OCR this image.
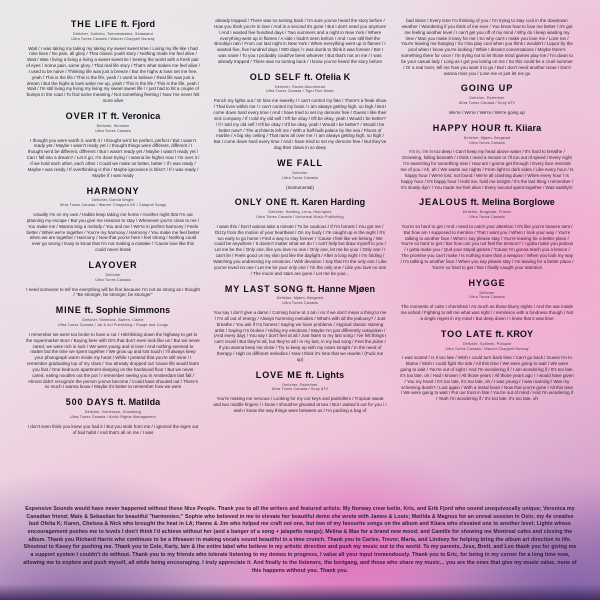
THE LIFE ft. Fjord
Deitcher, Solheim, Toennesbakke, Smaaland
Ultra Tunes Canada / Warner Chappell Norway
Wait / I was taking my taking my taking my sweet sweet time / Living my life like I had nine lives / No pain, all glory / That classic youth story / Nothing made me feel alive / Wait / Was I living a living a living a sweet sweet lie / Seeing the world with a fresh pair of eyes / Some pain, some glory / That real life story / That's what makes me feel alive / I used to be naive / Thinking life was just a breeze / But the highs & lows set me free, yeah / This is the life / This is the life, yeah / I used to believe / Real life was just a dream / But the highs & lows woke me up, yeah / This is the life / This is the life, yeah / Wait / I'm still living my living my living my sweet sweet life / I just had to hit a couple of bumps in the road / To find some meaning / Not something fleeting / Now I've never felt more alive
OVER IT ft. Veronica
Deitcher, Sinomen
Ultra Tunes Canada
I thought you were worth it, worth it / I thought we'd be perfect, perfect / But I wasn't ready yet / Maybe I wasn't ready yet / I thought things were different, different / I thought we'd be different, different / But I wasn't ready yet / Maybe I wasn't ready yet / Can I fall into a dream? / Let it go, I'm done trying / I wanna be higher now / I'm over it / If we hold each other, each other / Could we make us better, better / If I was ready / Maybe I was ready / If overthinking is this / Maybe ignorance is bliss? / If I was ready / Maybe if I was ready
HARMONY
Deitcher, Danita Wright
Ultra Tunes Canada / Warner Chappell UK / Catapult Songs
Usually I'm on my own / Habits keep taking me home / Another night that I'm out planning my escape / But you give me reasons to stay / Whenever you're close to me / You make me / Wanna sing a melody / You and me / We're in perfect harmony / Feels better / When we're together / You're my harmony / Harmony / You make me feel better when we are together / Harmony / Now that you're here I feel strong / Nothing could ever go wrong / Easy to know that I'm not making a mistake / 'Cause love like this could never break
LAYOVER
Deitcher
Ultra Tunes Canada
I need someone to tell me everything will be fine because I'm not as strong as I thought / "Be stronger, be stronger, be stronger"
MINE ft. Sophie Simmons
Deitcher, Simmons, Barten, Castle
Ultra Tunes Canada / Jal & Axl Publishing / Rouge and Cougs
I remember we were too broke to have a car / Hitchhiking down the highway to get to the supermarket store / Buying beer with ID's that don't even look like us / But we never cared, we were rich in luck / We were young and in love / And nothing seemed to matter but the time we spent together / We grow up and lost touch / I'll always keep your photograph warm inside my heart / While I pretend that you're still mine / I remember graduating top of my class / You already dropped out 'cause life would learn you fast / One bedroom apartment sleeping on the hardwood floor / But we never cared, eating noodles out the pot / I remember seeing you in Amsterdam last fall / Almost didn't recognize the person you've become / Could have shouted out / There's so much I wanna know / Maybe it's better to remember how we were
500 DAYS ft. Matilda
Deitcher, Gorlesson, Grossberg
Ultra Tunes Canada / Arctic Rights Management
I don't even think you knew you had it / But you stole from me / I ignored the signs out of bad habit / And that's all on me / I was
already trapped / There was no turning back / I'm sure you've heard the story before / How you think you're in love / And in a second it's gone / But I don't need you anymore / And I wasted five hundred days / Two summers and a night in New York / Where everything went up in flames / A side I hadn't seen before / And I can still feel the Brooklyn rain / From our last night in New York / When everything went up in flames / I wasted five, five hundred days / 500 days / I was dumb to think it was forever / But I was naive / To you I probably could've been whoever / But that's not on me / I was already trapped / There was no turning back / I know you've heard the story before
OLD SELF ft. Ofelia K
Deitcher, Roche-Moorehead
Ultra Tunes Canada / Tiger Run Music
Punch my lights out / Or kiss me sweetly / I can't control my fate / There's a freak show / That lives within me / I can't control my brain / I am always getting high, so high / But I come down hard every time / And I have tried to set my demons free / Guess I like their sick company / If I told my old self / It'll be okay / It'll be okay, yeah / Would I be better? / If I told my old self / It'll be okay / It'll be okay, yeah / Would I be better? / Would I be better now? / The architects left me / With a half-built palace by the sea / Floors of marble / A big sky ceiling / That rains all over me / I am always getting high, so high / But I come down hard every time / And I have tried to set my demons free / But they've dug their claws in so deep
WE FALL
Deitcher
Ultra Tunes Canada
(Instrumental)
ONLY ONE ft. Karen Harding
Deitcher, Harding, Lena, Henriques
Ultra Tunes Canada / Universal Music Publishing
I want this / Don't wanna take a minute / To be cautious / If I'm honest / You got me / Dizzy from the motion of your heartbeat / On my body / I'm caught up in the night / It's too early to go home / Find a way to stay forever / 'Cause I feel like we belong / We could be anywhere / It doesn't matter what we do / I can't help but draw myself to you / Let me be the / Only one, like you love no one / Only one, let me be your / Only one / I can't lie / Feels good on my skin just like the daylight / After a long night / I'm folding / Watching you undressing my emotions / With devotion / Say that I'm the only one / Like you've loved no one / Let me be your only one / I'm the only one / Like you love no one / The moon and stars are gone / Let me be your...
MY LAST SONG ft. Hanne Mjøen
Deitcher, Mjøen, Bergsted
Ultra Tunes Canada
You say I don't give a damn / Coming home at 4 am / As if we don't mean a thing to me / I'm all out of energy / Always humming melodies / What's with all the jealousy? / Just breathe / You ask if I'm honest / Saying we have problems / Atypical classic starving artist / Saying I'm broken / Hiding my emotions / Maybe I'm just differently outspoken / (And every day) / You say I don't feel at all / Just listen to my last song / I've felt things I can't recall / But they're all, but they're all / In my last, in my last song / Feel the pulse / If you wanna keep me close / Try to keep up with my notes tonight / In the need of therapy / High on different melodies / Now I think it's time that we rewrite / (Fuck me up)
LOVE ME ft. Lights
Deitcher, Poxleitner
Ultra Tunes Canada / Sony ATV
You're making me nervous / Looking for my car keys and painkillers / Tropical sweat and two middle fingers / I know I should've ghosted at two / But I waited it out for you / I wish I knew the way things were between us / I'm packing a bag of
bad ideas / Every time I'm thinking of you / I'm trying to stay cool in the downtown weather / Wondering if you think of me ever / You know how to love me better / It's got me feeling another level / I can't get you off of my mind / Why do I keep wasting my time / Man you make it easy for me / So why can't I make you love me / Love me / You're leaving me hanging / So I'ma play cool when you think I wouldn't / Liquor by the pool when I know you're looking / While I dissect conversations / Maybe there's something there for once / I'm trying not to let those mind games play me / I'm down to be your casual lady / Long as I got you loving on me / So this could be a cruel summer / Or a real lover, tell me how you want it to go / But I don't need another issue / Don't wanna miss you / Love me or just let me go
GOING UP
Deitcher, Poxleitner
Ultra Tunes Canada / Sony ATV
We're / We're / We're / We're going up
HAPPY HOUR ft. Kiiara
Deitcher, Mjøen, Bergsted
Ultra Tunes Canada
I'm in, I'm in too deep / Can't keep my head above water / It's hard to breathe / Drowning, falling beneath / I think I need a minute or I'll run out of speed / Every night I'm searching for something new / How am I gonna get through / Every face reminds me of you / Ah, ah / We waste our nights / From light to dark sides / Like every hour / Is happy hour / We're lost, not found / We're all crashing down / When every hour / Is happy hour / It's happy hour / Hold me, hold me tonight / It's the last thing I remember / It's slowly dyin' / You made me feel alive / Every second spent together / Was satisfyin'
JEALOUS ft. Melina Borglowe
Deitcher, Borglowe, Fritzen
Ultra Tunes Canada
You're so hard to get / And I need to catch your attention / It's like you're heaven sent / But how am I supposed to mention / That I want you / When I look your way / You're talking to another face / When I say please stay / You're leaving for a better place / You're so hard to get / But how can you not feel the tension? / I gotta make you jealous / I gotta make you / Quit your stupid games / 'Cause I'm gonna teach you a lesson / The promise you can't make / Is nothing more than a weapon / When you look my way / I'm talking to another face / When you say please stay / I'm leaving for a better place / You're so hard to get / But I finally caught your attention
HYGGE
Deitcher
Ultra Tunes Canada
The moments of calm I cherished / As much as those blurry nights / And the war inside me ached / Fighting to tell me what was right / I reminisce with a fondness though / Not a single regret in my mind / But deep down / I knew that it was time
TOO LATE ft. KROY
Deitcher, Solheim, Poliquin
Ultra Tunes Canada / Warner Chappell Norway
I was scared / Is it too late / Wish I could turn back time / Can't go back / Guess I'm to blame / Wish I could fight the tide / All this time / We were going to wait / We were going to wait / You're out of sight / And I'm wondering if / I am wondering if / It's too late, it's too late, oh / Had I known / All those years / All those years ago / I would have given / You my heart / It's too late, it's too late, oh / I was young / I was roaming / Was my scheming dumb? / Lost again / With a metal heart / Now that you're gone / All this time / We were going to wait / Put our trust in fate / You're out of mind / And I'm wondering if / Yeah I'm wondering if / It's too late, it's too late, oh
Expensive Sounds would have never happened without these Nice People. Thank you to all the writers and featured artists: My Norway crew Iselin, Kris, and Erik Fjord who sound unequivocally unique; Veronica my Canadian friend; Mats & Sebastian for beautiful "harmonies;" Sophie who believed in me to elevate her beautiful demo she wrote with James & Louis; Matilda & Magnus for an unreal session in Oslo; my 4x creative bud Ofelia K; Karen, Chelsea & Nick who brought the heat in LA; Hanne & Jim who helped me craft not one, but two of my favourite songs on the album and Kiiara who elevated one to another level; Lights whose encouragement pushes me to levels I don't think I'd achieve without her (and a banger of a song + jalapeño margs); Melina & Max for a brand new mood; and Camille for showing me Montreal cafes and closing the album. Thank you Richard Harris who continues to be a lifesaver in making vocals sound beautiful in a time crunch. Thank you to Carlee, Trevor, Maria, and Lindsey for helping bring the album art direction to life. Shoutout to Kasey for pushing me. Thank you to Cole, Karly, Iain & the entire label who believe in my artistic direction and push my music out to the world. To my parents, Jess, Brett, and Leo thank you for giving me a support system I couldn't do without. Thank you to my friends who tolerate listening to my demos in progress, I value all your input tremendously. Thank you to Eric, for being in my corner for a long time now, allowing me to explore and push myself, all while being encouraging. I truly appreciate it. And finally to the listeners, the bortgang, and those who share my music... you are the ones that give my music value, none of this happens without you. Thank you.
